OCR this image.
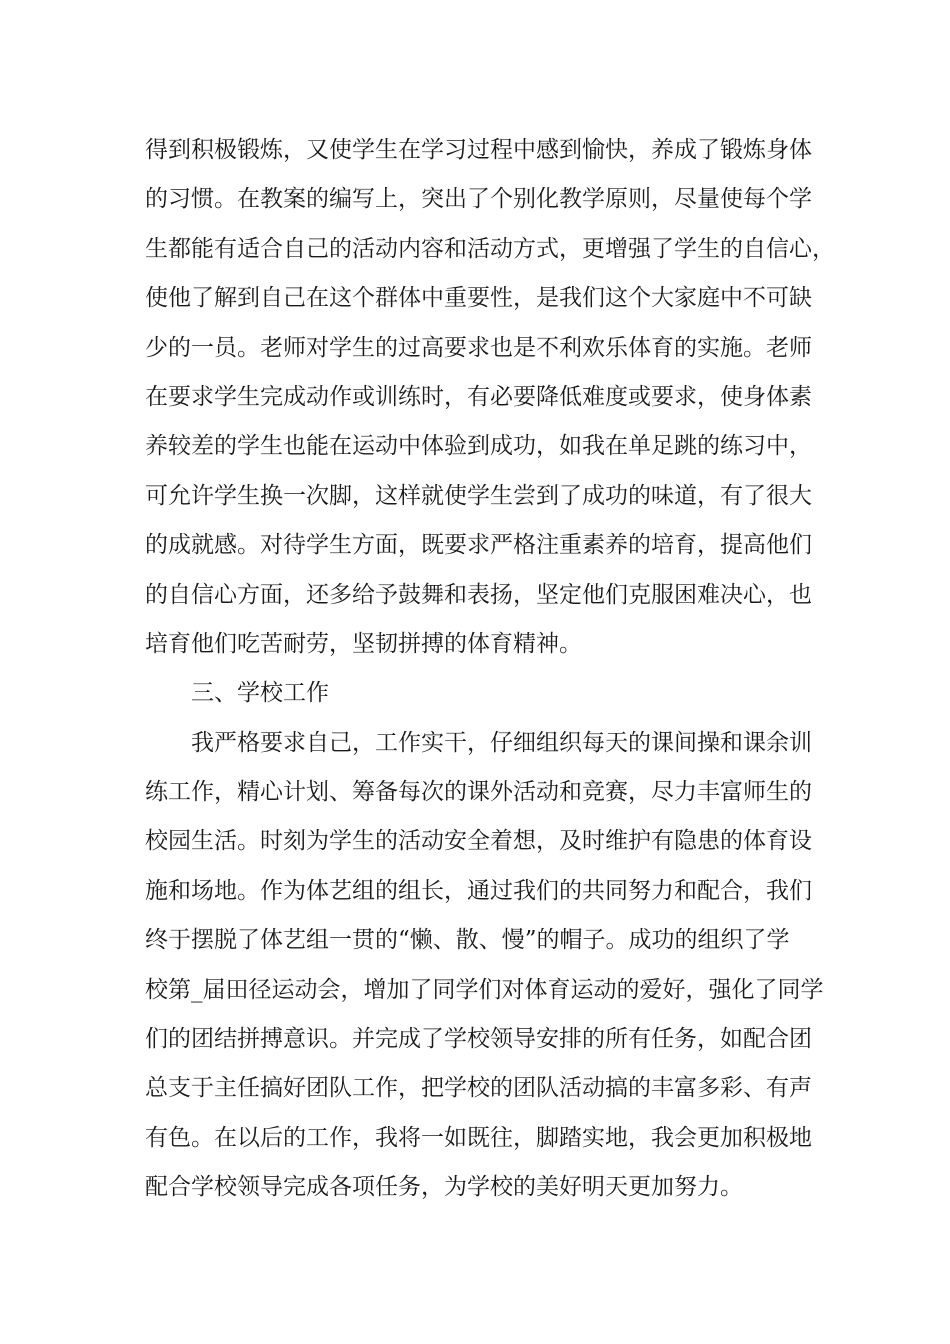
得到积极锻炼，又使学生在学习过程中感到愉快，养成了锻炼身体
的习惯。在教案的编写上，突出了个别化教学原则，尽量使每个学
生都能有适合自己的活动内容和活动方式，更增强了学生的自信心，
使他了解到自己在这个群体中重要性，是我们这个大家庭中不可缺
少的一员。老师对学生的过高要求也是不利欢乐体育的实施。老师
在要求学生完成动作或训练时，有必要降低难度或要求，使身体素
养较差的学生也能在运动中体验到成功，如我在单足跳的练习中，
可允许学生换一次脚，这样就使学生尝到了成功的味道，有了很大
的成就感。对待学生方面，既要求严格注重素养的培育，提高他们
的自信心方面，还多给予鼓舞和表扬，坚定他们克服困难决心，也
培育他们吃苦耐劳，坚韧拼搏的体育精神。
三、学校工作
我严格要求自己，工作实干，仔细组织每天的课间操和课余训
练工作，精心计划、筹备每次的课外活动和竞赛，尽力丰富师生的
校园生活。时刻为学生的活动安全着想，及时维护有隐患的体育设
施和场地。作为体艺组的组长，通过我们的共同努力和配合，我们
终于摆脱了体艺组一贯的“懒、散、慢”的帽子。成功的组织了学
校第_届田径运动会，增加了同学们对体育运动的爱好，强化了同学
们的团结拼搏意识。并完成了学校领导安排的所有任务，如配合团
总支于主任搞好团队工作，把学校的团队活动搞的丰富多彩、有声
有色。在以后的工作，我将一如既往，脚踏实地，我会更加积极地
配合学校领导完成各项任务，为学校的美好明天更加努力。
